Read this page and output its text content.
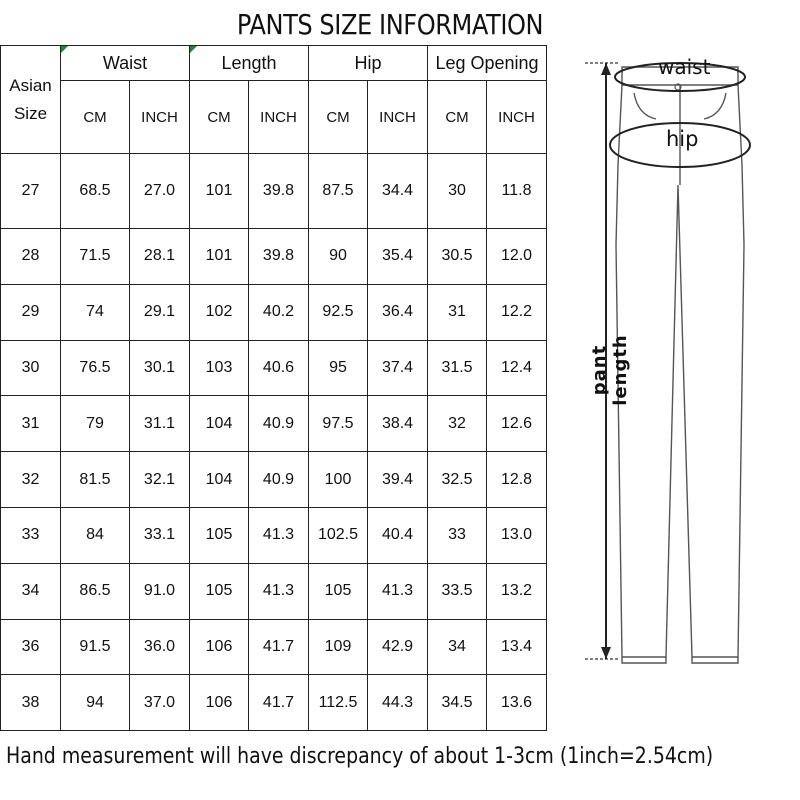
PANTS SIZE INFORMATION
Asian Size	Waist		Length		Hip		Leg Opening	
	CM	INCH	CM	INCH	CM	INCH	CM	INCH
27	68.5	27.0	101	39.8	87.5	34.4	30	11.8
28	71.5	28.1	101	39.8	90	35.4	30.5	12.0
29	74	29.1	102	40.2	92.5	36.4	31	12.2
30	76.5	30.1	103	40.6	95	37.4	31.5	12.4
31	79	31.1	104	40.9	97.5	38.4	32	12.6
32	81.5	32.1	104	40.9	100	39.4	32.5	12.8
33	84	33.1	105	41.3	102.5	40.4	33	13.0
34	86.5	91.0	105	41.3	105	41.3	33.5	13.2
36	91.5	36.0	106	41.7	109	42.9	34	13.4
38	94	37.0	106	41.7	112.5	44.3	34.5	13.6
waist
hip
pant length
Hand measurement will have discrepancy of about 1-3cm (1inch=2.54cm)
